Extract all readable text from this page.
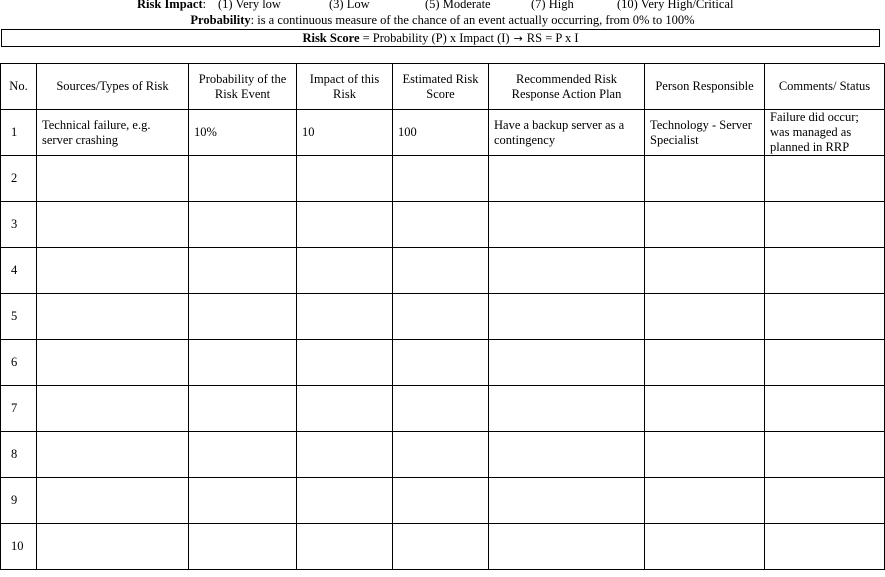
Risk Impact: (1) Very low	(3) Low	(5) Moderate	(7) High	(10) Very High/Critical
Probability: is a continuous measure of the chance of an event actually occurring, from 0% to 100%
Risk Score = Probability (P) x Impact (I) → RS = P x I
No.	Sources/Types of Risk	Probability of the Risk Event	Impact of this Risk	Estimated Risk Score	Recommended Risk Response Action Plan	Person Responsible	Comments/ Status

1	Technical failure, e.g. server crashing	10%	10	100	Have a backup server as a contingency	Technology - Server Specialist	Failure did occur; was managed as planned in RRP

2	

3	

4	

5	

6	

7	

8	

9	

10	
